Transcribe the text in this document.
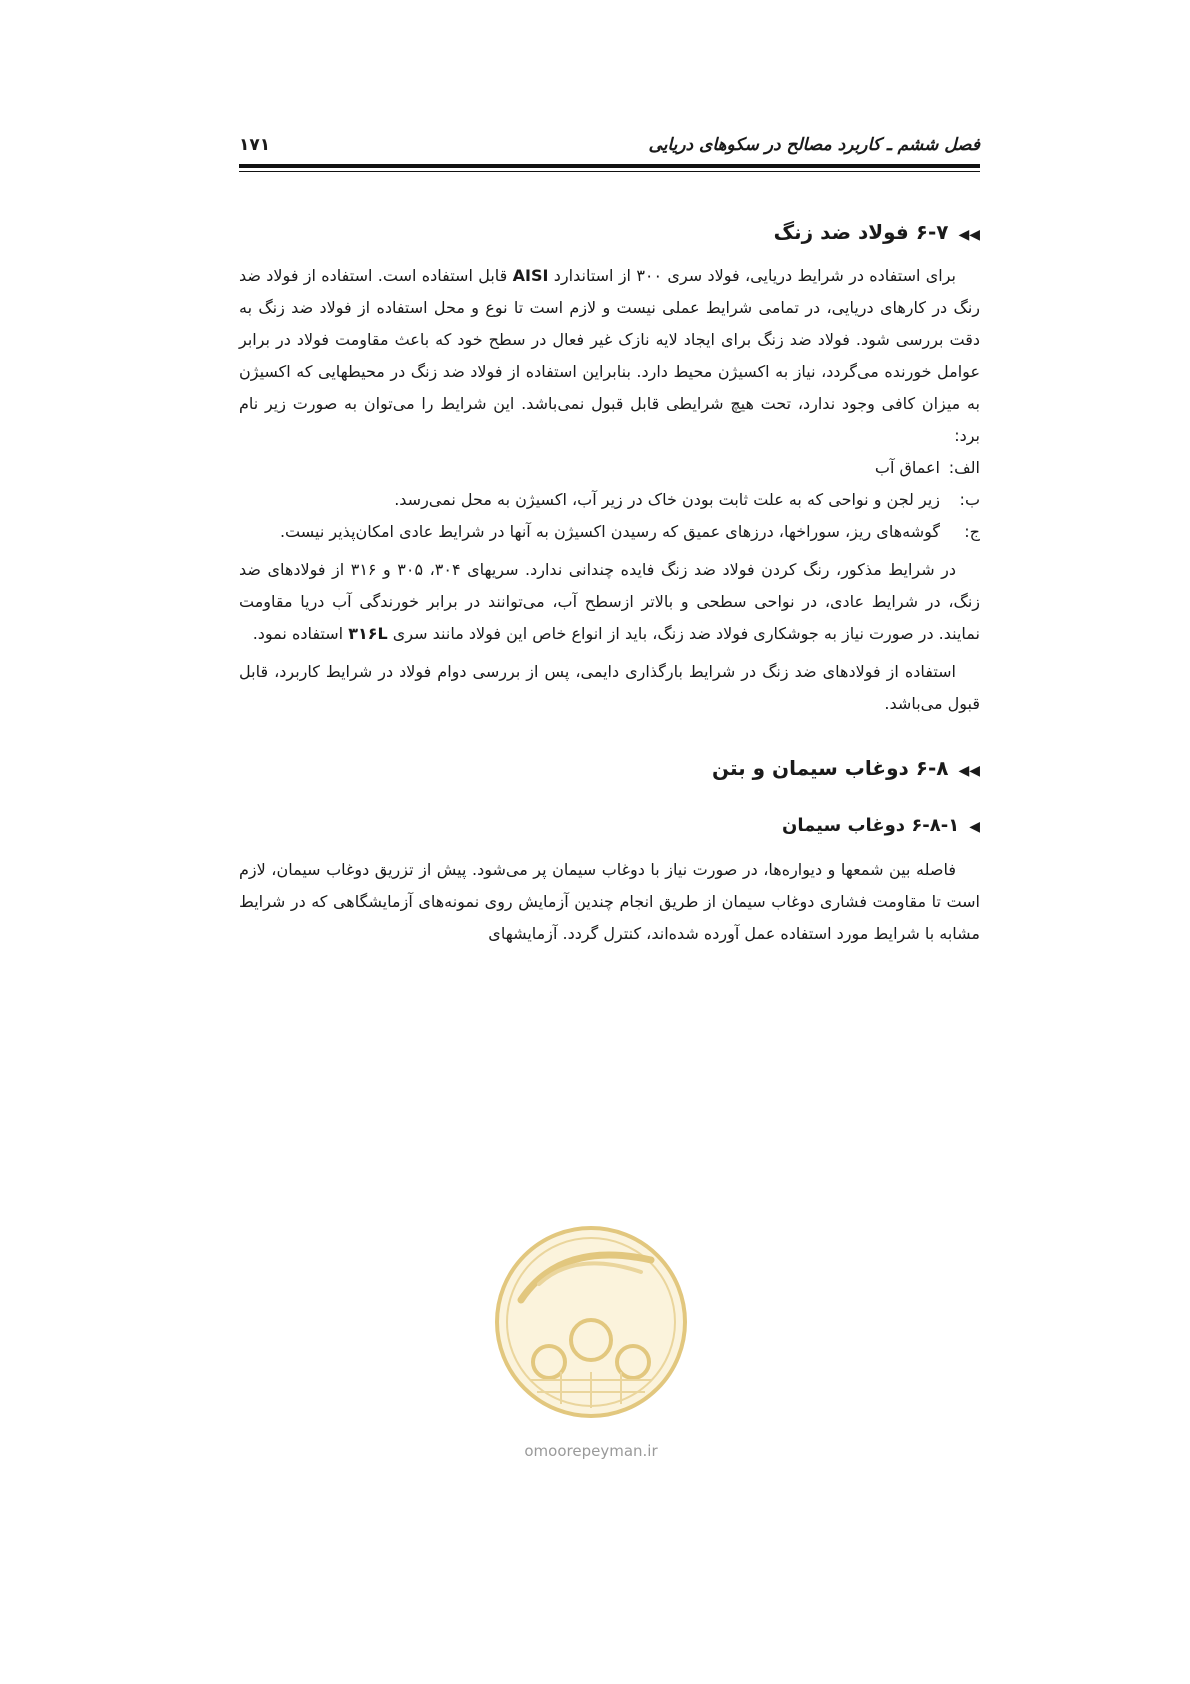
فصل ششم ـ کاربرد مصالح در سکوهای دریایی
۱۷۱
◀◀۶-۷ فولاد ضد زنگ

برای استفاده در شرایط دریایی، فولاد سری ۳۰۰ از استاندارد AISI قابل استفاده است. استفاده از فولاد ضد رنگ در کارهای دریایی، در تمامی شرایط عملی نیست و لازم است تا نوع و محل استفاده از فولاد ضد زنگ به دقت بررسی شود. فولاد ضد زنگ برای ایجاد لایه نازک غیر فعال در سطح خود که باعث مقاومت فولاد در برابر عوامل خورنده می‌گردد، نیاز به اکسیژن محیط دارد. بنابراین استفاده از فولاد ضد زنگ در محیطهایی که اکسیژن به میزان کافی وجود ندارد، تحت هیچ شرایطی قابل قبول نمی‌باشد. این شرایط را می‌توان به صورت زیر نام برد:

الف:
اعماق آب
ب:
زیر لجن و نواحی که به علت ثابت بودن خاک در زیر آب، اکسیژن به محل نمی‌رسد.
ج:
گوشه‌های ریز، سوراخها، درزهای عمیق که رسیدن اکسیژن به آنها در شرایط عادی امکان‌پذیر نیست.

در شرایط مذکور، رنگ کردن فولاد ضد زنگ فایده چندانی ندارد. سریهای ۳۰۴، ۳۰۵ و ۳۱۶ از فولادهای ضد زنگ، در شرایط عادی، در نواحی سطحی و بالاتر ازسطح آب، می‌توانند در برابر خورندگی آب دریا مقاومت نمایند. در صورت نیاز به جوشکاری فولاد ضد زنگ، باید از انواع خاص این فولاد مانند سری ۳۱۶L استفاده نمود.

استفاده از فولادهای ضد زنگ در شرایط بارگذاری دایمی، پس از بررسی دوام فولاد در شرایط کاربرد، قابل قبول می‌باشد.

◀◀۶-۸ دوغاب سیمان و بتن
◀۶-۸-۱ دوغاب سیمان

فاصله بین شمعها و دیواره‌ها، در صورت نیاز با دوغاب سیمان پر می‌شود. پیش از تزریق دوغاب سیمان، لازم است تا مقاومت فشاری دوغاب سیمان از طریق انجام چندین آزمایش روی نمونه‌های آزمایشگاهی که در شرایط مشابه با شرایط مورد استفاده عمل آورده شده‌اند، کنترل گردد. آزمایشهای

omoorepeyman.ir
